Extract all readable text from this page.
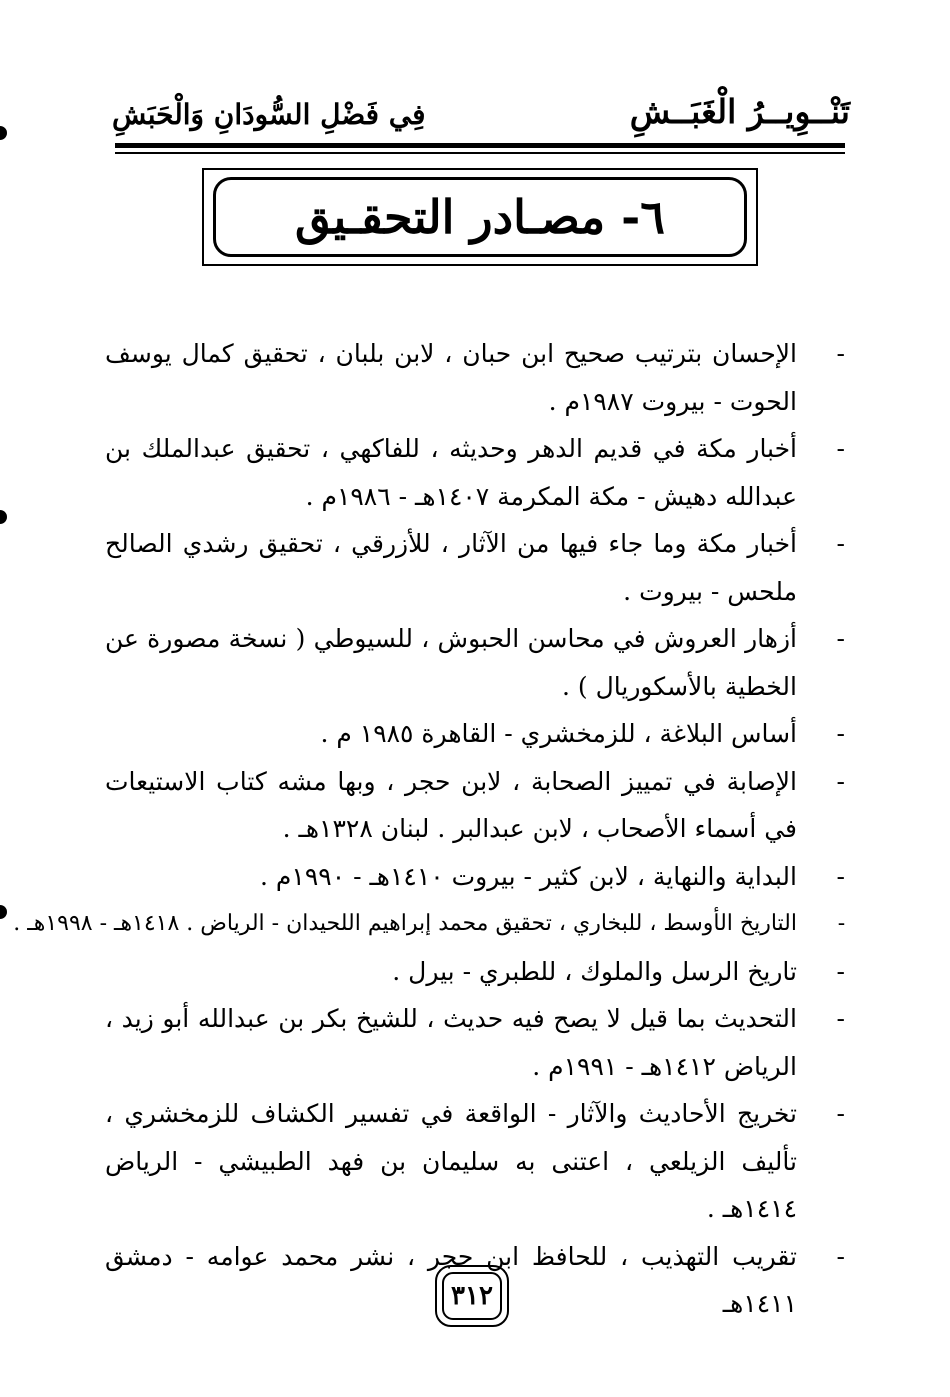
تَنْــوِيــرُ الْغَبَــشِ
فِي فَضْلِ السُّودَانِ وَالْحَبَشِ
٦- مصـادر التحقـيق
-
الإحسان بترتيب صحيح ابن حبان ، لابن بلبان ، تحقيق كمال يوسف الحوت - بيروت ١٩٨٧م .
-
أخبار مكة في قديم الدهر وحديثه ، للفاكهي ، تحقيق عبدالملك بن عبدالله دهيش - مكة المكرمة ١٤٠٧هـ - ١٩٨٦م .
-
أخبار مكة وما جاء فيها من الآثار ، للأزرقي ، تحقيق رشدي الصالح ملحس - بيروت .
-
أزهار العروش في محاسن الحبوش ، للسيوطي ( نسخة مصورة عن الخطية بالأسكوريال ) .
-
أساس البلاغة ، للزمخشري - القاهرة ١٩٨٥ م .
-
الإصابة في تمييز الصحابة ، لابن حجر ، وبها مشه كتاب الاستيعات في أسماء الأصحاب ، لابن عبدالبر . لبنان ١٣٢٨هـ .
-
البداية والنهاية ، لابن كثير - بيروت ١٤١٠هـ - ١٩٩٠م .
-
التاريخ الأوسط ، للبخاري ، تحقيق محمد إبراهيم اللحيدان - الرياض . ١٤١٨هـ - ١٩٩٨هـ .
-
تاريخ الرسل والملوك ، للطبري - بيرل .
-
التحديث بما قيل لا يصح فيه حديث ، للشيخ بكر بن عبدالله أبو زيد ، الرياض ١٤١٢هـ - ١٩٩١م .
-
تخريج الأحاديث والآثار - الواقعة في تفسير الكشاف للزمخشري ، تأليف الزيلعي ، اعتنى به سليمان بن فهد الطبيشي - الرياض ١٤١٤هـ .
-
تقريب التهذيب ، للحافظ ابن حجر ، نشر محمد عوامه - دمشق ١٤١١هـ
٣١٢
